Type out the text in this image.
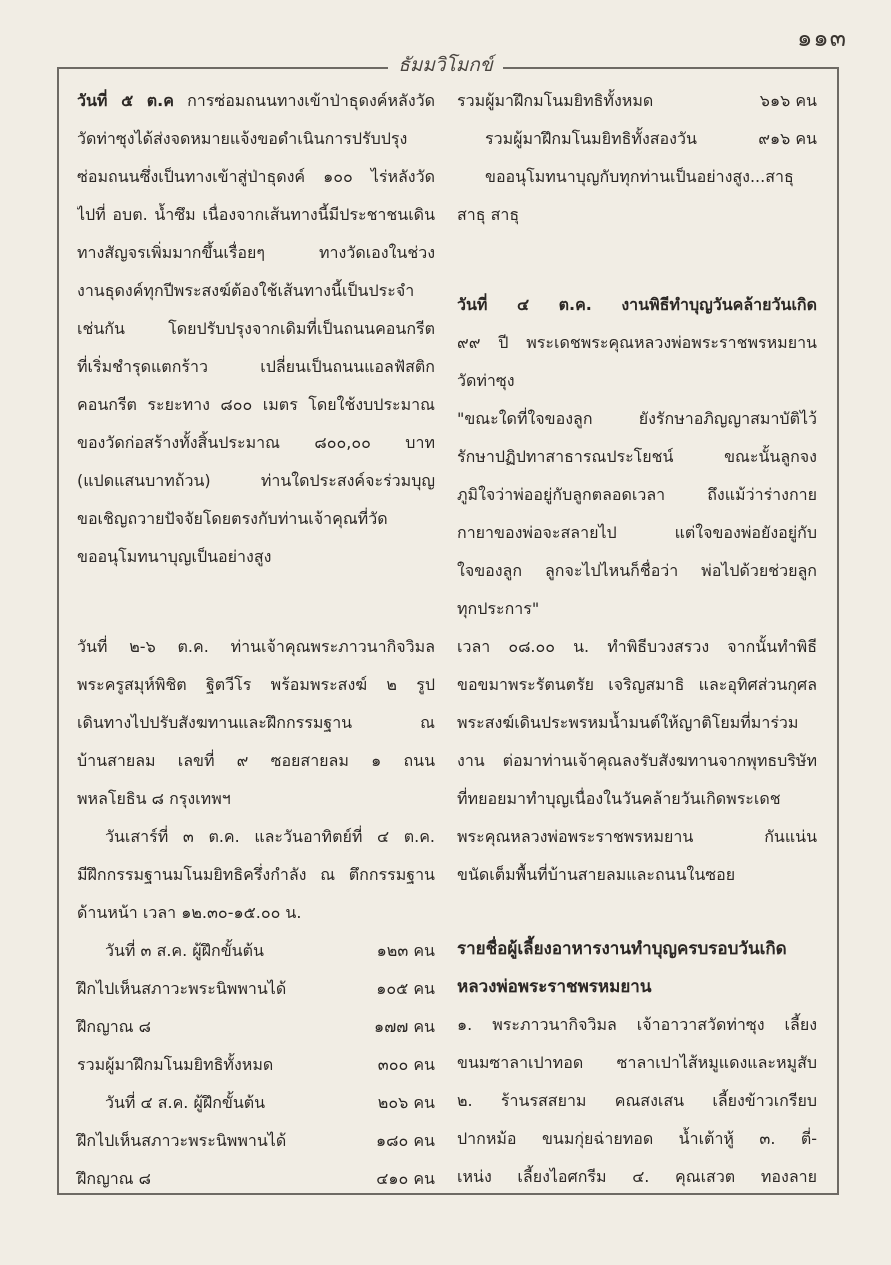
๑๑๓
ธัมมวิโมกข์
วันที่ ๕ ต.ค การซ่อมถนนทางเข้าป่าธุดงค์หลังวัด
วัดท่าซุงได้ส่งจดหมายแจ้งขอดำเนินการปรับปรุง
ซ่อมถนนซึ่งเป็นทางเข้าสู่ป่าธุดงค์ ๑๐๐ ไร่หลังวัด
ไปที่ อบต. น้ำซึม เนื่องจากเส้นทางนี้มีประชาชนเดิน
ทางสัญจรเพิ่มมากขึ้นเรื่อยๆ ทางวัดเองในช่วง
งานธุดงค์ทุกปีพระสงฆ์ต้องใช้เส้นทางนี้เป็นประจำ
เช่นกัน โดยปรับปรุงจากเดิมที่เป็นถนนคอนกรีต
ที่เริ่มชำรุดแตกร้าว เปลี่ยนเป็นถนนแอลฟัสติก
คอนกรีต ระยะทาง ๘๐๐ เมตร โดยใช้งบประมาณ
ของวัดก่อสร้างทั้งสิ้นประมาณ ๘๐๐,๐๐ บาท
(แปดแสนบาทถ้วน) ท่านใดประสงค์จะร่วมบุญ
ขอเชิญถวายปัจจัยโดยตรงกับท่านเจ้าคุณที่วัด
ขออนุโมทนาบุญเป็นอย่างสูง
วันที่ ๒-๖ ต.ค. ท่านเจ้าคุณพระภาวนากิจวิมล
พระครูสมุห์พิชิต ฐิตวีโร พร้อมพระสงฆ์ ๒ รูป
เดินทางไปปรับสังฆทานและฝึกกรรมฐาน ณ
บ้านสายลม เลขที่ ๙ ซอยสายลม ๑ ถนน
พหลโยธิน ๘ กรุงเทพฯ
วันเสาร์ที่ ๓ ต.ค. และวันอาทิตย์ที่ ๔ ต.ค.
มีฝึกกรรมฐานมโนมยิทธิครึ่งกำลัง ณ ตึกกรรมฐาน
ด้านหน้า เวลา ๑๒.๓๐-๑๕.๐๐ น.
วันที่ ๓ ส.ค. ผู้ฝึกขั้นต้น	๑๒๓ คน
ฝึกไปเห็นสภาวะพระนิพพานได้	๑๐๕ คน
ฝึกญาณ ๘	๑๗๗ คน
รวมผู้มาฝึกมโนมยิทธิทั้งหมด	๓๐๐ คน
วันที่ ๔ ส.ค. ผู้ฝึกขั้นต้น	๒๐๖ คน
ฝึกไปเห็นสภาวะพระนิพพานได้	๑๘๐ คน
ฝึกญาณ ๘	๔๑๐ คน
รวมผู้มาฝึกมโนมยิทธิทั้งหมด	๖๑๖ คน
รวมผู้มาฝึกมโนมยิทธิทั้งสองวัน	๙๑๖ คน
ขออนุโมทนาบุญกับทุกท่านเป็นอย่างสูง...สาธุ
สาธุ สาธุ
วันที่ ๔ ต.ค. งานพิธีทำบุญวันคล้ายวันเกิด
๙๙ ปี พระเดชพระคุณหลวงพ่อพระราชพรหมยาน
วัดท่าซุง
"ขณะใดที่ใจของลูก ยังรักษาอภิญญาสมาบัติไว้
รักษาปฏิปทาสาธารณประโยชน์ ขณะนั้นลูกจง
ภูมิใจว่าพ่ออยู่กับลูกตลอดเวลา ถึงแม้ว่าร่างกาย
กายาของพ่อจะสลายไป แต่ใจของพ่อยังอยู่กับ
ใจของลูก ลูกจะไปไหนก็ชื่อว่า พ่อไปด้วยช่วยลูก
ทุกประการ"
เวลา ๐๘.๐๐ น. ทำพิธีบวงสรวง จากนั้นทำพิธี
ขอขมาพระรัตนตรัย เจริญสมาธิ และอุทิศส่วนกุศล
พระสงฆ์เดินประพรหมน้ำมนต์ให้ญาติโยมที่มาร่วม
งาน ต่อมาท่านเจ้าคุณลงรับสังฆทานจากพุทธบริษัท
ที่ทยอยมาทำบุญเนื่องในวันคล้ายวันเกิดพระเดช
พระคุณหลวงพ่อพระราชพรหมยาน กันแน่น
ขนัดเต็มพื้นที่บ้านสายลมและถนนในซอย
รายชื่อผู้เลี้ยงอาหารงานทำบุญครบรอบวันเกิด
หลวงพ่อพระราชพรหมยาน
๑. พระภาวนากิจวิมล เจ้าอาวาสวัดท่าซุง เลี้ยง
ขนมซาลาเปาทอด ซาลาเปาไส้หมูแดงและหมูสับ
๒. ร้านรสสยาม คณสงเสน เลี้ยงข้าวเกรียบ
ปากหม้อ ขนมกุ่ยฉ่ายทอด น้ำเต้าหู้ ๓. ตี่-
เหน่ง เลี้ยงไอศกรีม ๔. คุณเสวต ทองลาย
